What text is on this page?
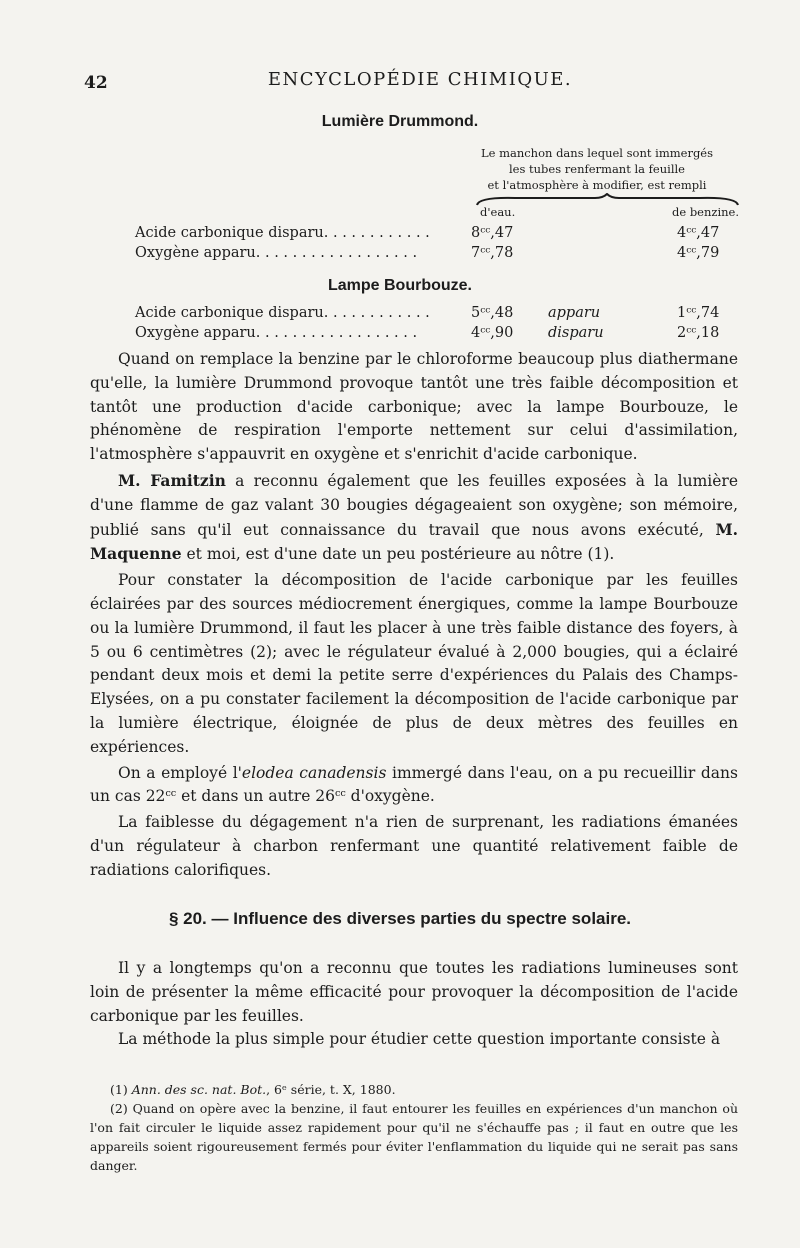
42	ENCYCLOPÉDIE CHIMIQUE.
Lumière Drummond.
Le manchon dans lequel sont immergés
les tubes renfermant la feuille
et l'atmosphère à modifier, est rempli
d'eau.	de benzine.
Acide carbonique disparu. . . . . . . . . . . .	8ᶜᶜ,47	4ᶜᶜ,47
Oxygène apparu. . . . . . . . . . . . . . . . . .	7ᶜᶜ,78	4ᶜᶜ,79
Lampe Bourbouze.
Acide carbonique disparu. . . . . . . . . . . .	5ᶜᶜ,48 apparu	1ᶜᶜ,74
Oxygène apparu. . . . . . . . . . . . . . . . . .	4ᶜᶜ,90 disparu	2ᶜᶜ,18

Quand on remplace la benzine par le chloroforme beaucoup plus diathermane qu'elle, la lumière Drummond provoque tantôt une très faible décomposition et tantôt une production d'acide carbonique; avec la lampe Bourbouze, le phénomène de respiration l'emporte nettement sur celui d'assimilation, l'atmosphère s'appauvrit en oxygène et s'enrichit d'acide carbonique.

M. Famitzin a reconnu également que les feuilles exposées à la lumière d'une flamme de gaz valant 30 bougies dégageaient son oxygène; son mémoire, publié sans qu'il eut connaissance du travail que nous avons exécuté, M. Maquenne et moi, est d'une date un peu postérieure au nôtre (1).

Pour constater la décomposition de l'acide carbonique par les feuilles éclairées par des sources médiocrement énergiques, comme la lampe Bourbouze ou la lumière Drummond, il faut les placer à une très faible distance des foyers, à 5 ou 6 centimètres (2); avec le régulateur évalué à 2,000 bougies, qui a éclairé pendant deux mois et demi la petite serre d'expériences du Palais des Champs-Elysées, on a pu constater facilement la décomposition de l'acide carbonique par la lumière électrique, éloignée de plus de deux mètres des feuilles en expériences.

On a employé l'elodea canadensis immergé dans l'eau, on a pu recueillir dans un cas 22ᶜᶜ et dans un autre 26ᶜᶜ d'oxygène.

La faiblesse du dégagement n'a rien de surprenant, les radiations émanées d'un régulateur à charbon renfermant une quantité relativement faible de radiations calorifiques.

§ 20. — Influence des diverses parties du spectre solaire.

Il y a longtemps qu'on a reconnu que toutes les radiations lumineuses sont loin de présenter la même efficacité pour provoquer la décomposition de l'acide carbonique par les feuilles.

La méthode la plus simple pour étudier cette question importante consiste à

(1) Ann. des sc. nat. Bot., 6ᵉ série, t. X, 1880.

(2) Quand on opère avec la benzine, il faut entourer les feuilles en expériences d'un manchon où l'on fait circuler le liquide assez rapidement pour qu'il ne s'échauffe pas ; il faut en outre que les appareils soient rigoureusement fermés pour éviter l'enflammation du liquide qui ne serait pas sans danger.
